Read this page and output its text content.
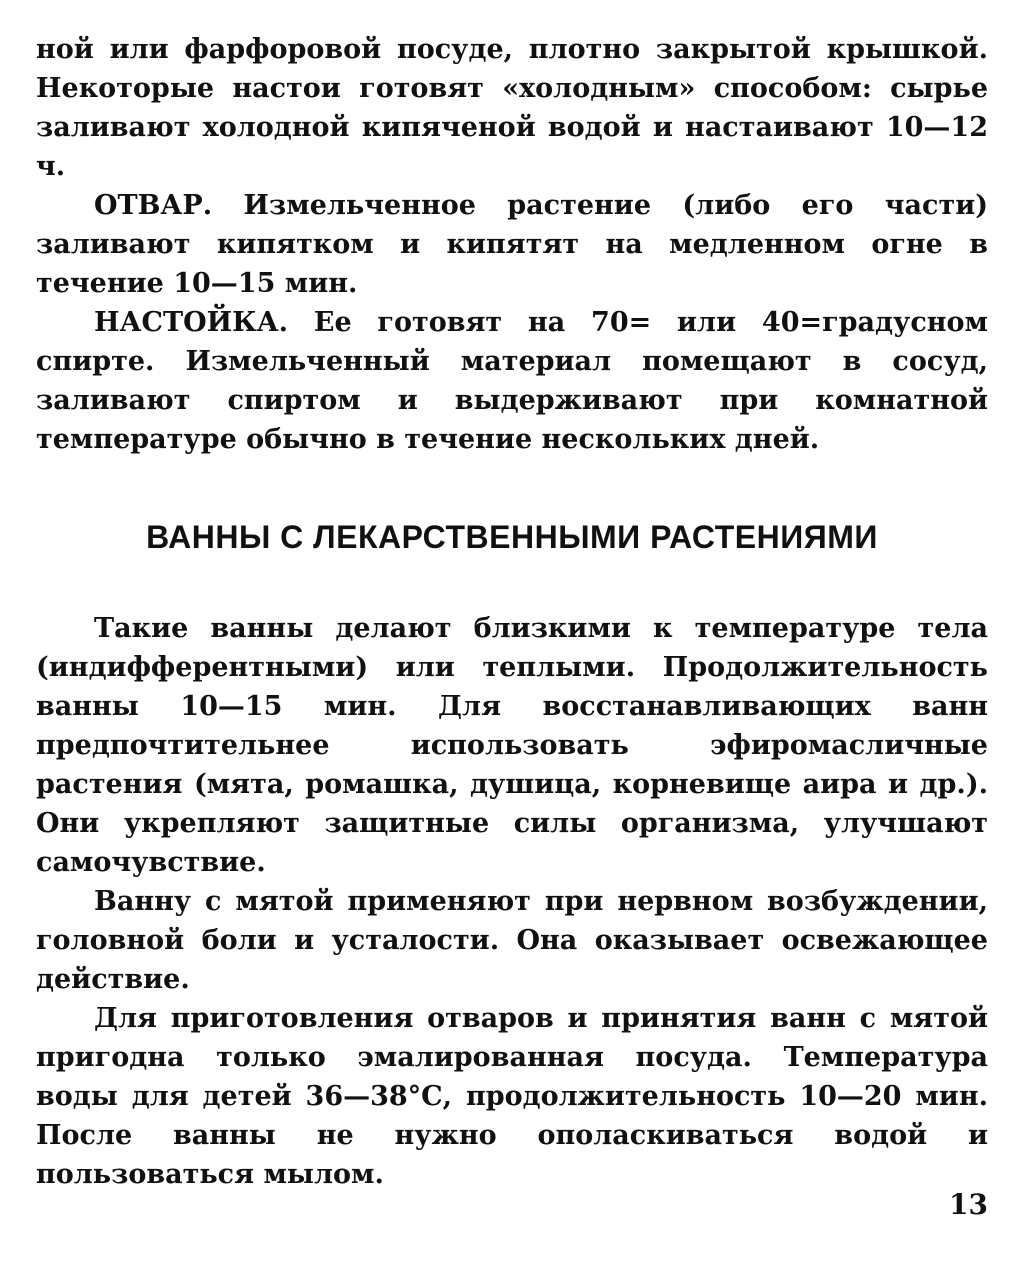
ной или фарфоровой посуде, плотно закрытой крышкой. Некоторые настои готовят «холодным» способом: сырье заливают холодной кипяченой водой и настаивают 10—12 ч.

ОТВАР. Измельченное растение (либо его части) заливают кипятком и кипятят на медленном огне в течение 10—15 мин.

НАСТОЙКА. Ее готовят на 70= или 40=градусном спирте. Измельченный материал помещают в сосуд, заливают спиртом и выдерживают при комнатной температуре обычно в течение нескольких дней.

ВАННЫ С ЛЕКАРСТВЕННЫМИ РАСТЕНИЯМИ

Такие ванны делают близкими к температуре тела (индифферентными) или теплыми. Продолжительность ванны 10—15 мин. Для восстанавливающих ванн предпочтительнее использовать эфиромасличные растения (мята, ромашка, душица, корневище аира и др.). Они укрепляют защитные силы организма, улучшают самочувствие.

Ванну с мятой применяют при нервном возбуждении, головной боли и усталости. Она оказывает освежающее действие.

Для приготовления отваров и принятия ванн с мятой пригодна только эмалированная посуда. Температура воды для детей 36—38°С, продолжительность 10—20 мин. После ванны не нужно ополаскиваться водой и пользоваться мылом.

13
